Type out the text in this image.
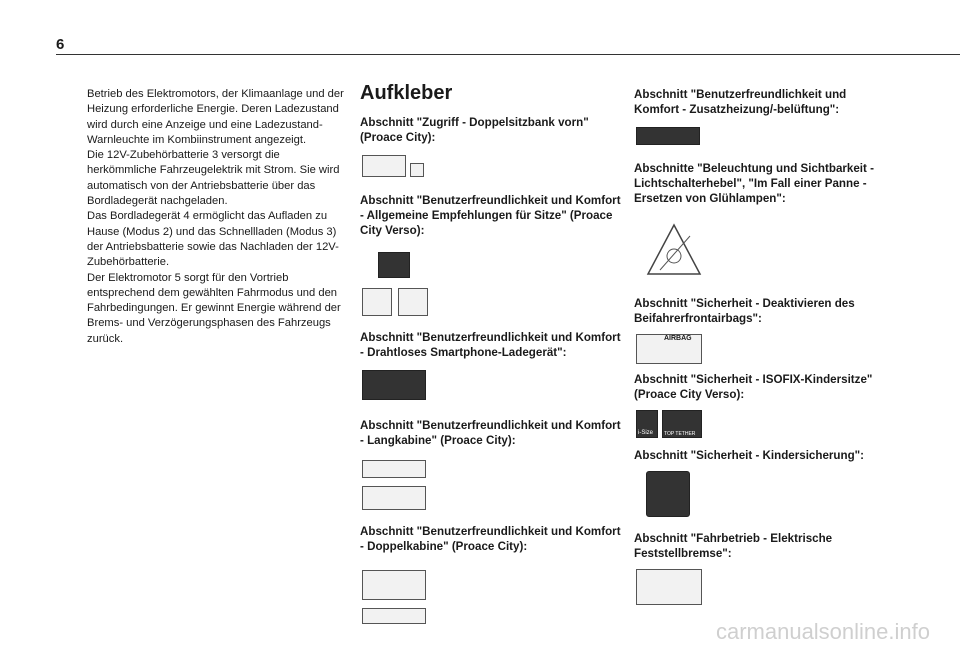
6

Betrieb des Elektromotors, der Klimaanlage und der Heizung erforderliche Energie. Deren Ladezustand wird durch eine Anzeige und eine Ladezustand-Warnleuchte im Kombiinstrument angezeigt.

Die 12V-Zubehörbatterie 3 versorgt die herkömmliche Fahrzeugelektrik mit Strom. Sie wird automatisch von der Antriebsbatterie über das Bordladegerät nachgeladen.

Das Bordladegerät 4 ermöglicht das Aufladen zu Hause (Modus 2) und das Schnellladen (Modus 3) der Antriebsbatterie sowie das Nachladen der 12V-Zubehörbatterie.

Der Elektromotor 5 sorgt für den Vortrieb entsprechend dem gewählten Fahrmodus und den Fahrbedingungen. Er gewinnt Energie während der Brems- und Verzögerungsphasen des Fahrzeugs zurück.

Aufkleber

Abschnitt "Zugriff - Doppelsitzbank vorn" (Proace City):

Abschnitt "Benutzerfreundlichkeit und Komfort - Allgemeine Empfehlungen für Sitze" (Proace City Verso):

Abschnitt "Benutzerfreundlichkeit und Komfort - Drahtloses Smartphone-Ladegerät":

Abschnitt "Benutzerfreundlichkeit und Komfort - Langkabine" (Proace City):

Abschnitt "Benutzerfreundlichkeit und Komfort - Doppelkabine" (Proace City):

Abschnitt "Benutzerfreundlichkeit und Komfort - Zusatzheizung/-belüftung":

Abschnitte "Beleuchtung und Sichtbarkeit - Lichtschalterhebel", "Im Fall einer Panne - Ersetzen von Glühlampen":

Abschnitt "Sicherheit - Deaktivieren des Beifahrerfrontairbags":

AIRBAG

Abschnitt "Sicherheit - ISOFIX-Kindersitze" (Proace City Verso):

i-Size TOP TETHER

Abschnitt "Sicherheit - Kindersicherung":

Abschnitt "Fahrbetrieb - Elektrische Feststellbremse":

carmanualsonline.info
